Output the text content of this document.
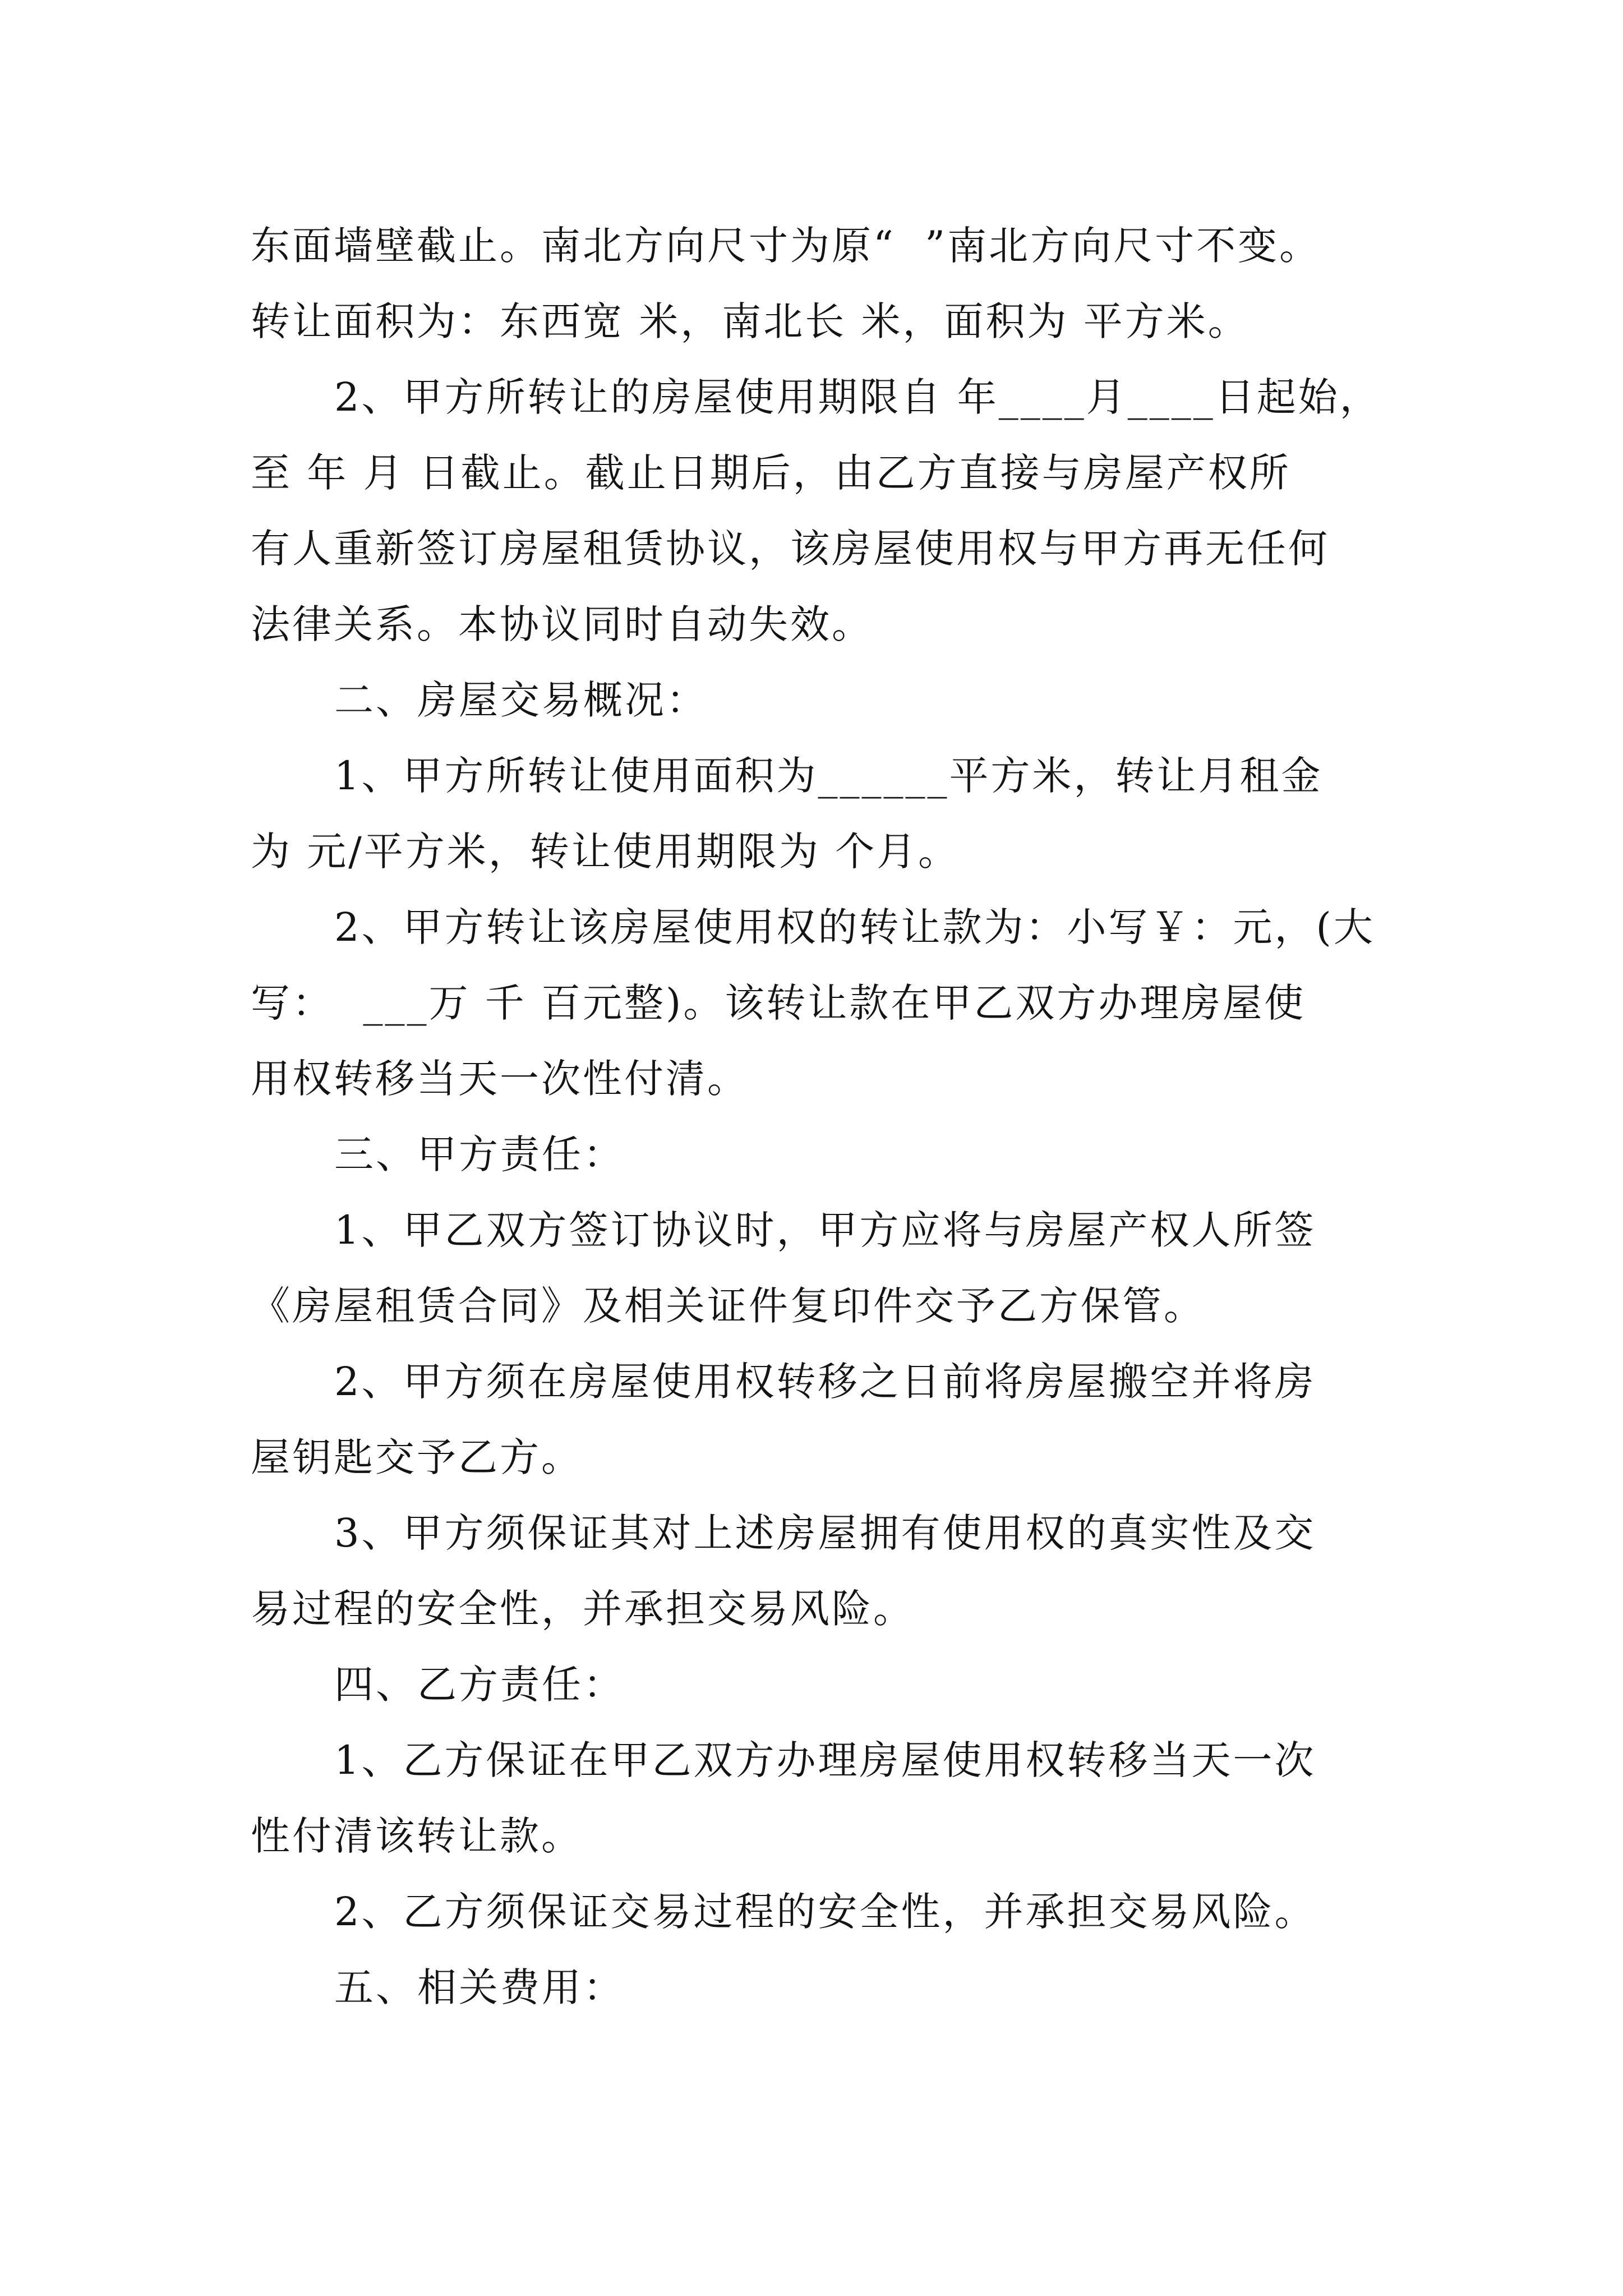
东面墙壁截止。南北方向尺寸为原“  ”南北方向尺寸不变。

转让面积为：东西宽 米，南北长 米，面积为 平方米。

2、甲方所转让的房屋使用期限自 年____月____日起始，

至 年 月 日截止。截止日期后，由乙方直接与房屋产权所

有人重新签订房屋租赁协议，该房屋使用权与甲方再无任何

法律关系。本协议同时自动失效。

二、房屋交易概况：

1、甲方所转让使用面积为______平方米，转让月租金

为 元/平方米，转让使用期限为 个月。

2、甲方转让该房屋使用权的转让款为：小写￥：元，(大

写：  ___万 千 百元整)。该转让款在甲乙双方办理房屋使

用权转移当天一次性付清。

三、甲方责任：

1、甲乙双方签订协议时，甲方应将与房屋产权人所签

《房屋租赁合同》及相关证件复印件交予乙方保管。

2、甲方须在房屋使用权转移之日前将房屋搬空并将房

屋钥匙交予乙方。

3、甲方须保证其对上述房屋拥有使用权的真实性及交

易过程的安全性，并承担交易风险。

四、乙方责任：

1、乙方保证在甲乙双方办理房屋使用权转移当天一次

性付清该转让款。

2、乙方须保证交易过程的安全性，并承担交易风险。

五、相关费用：
